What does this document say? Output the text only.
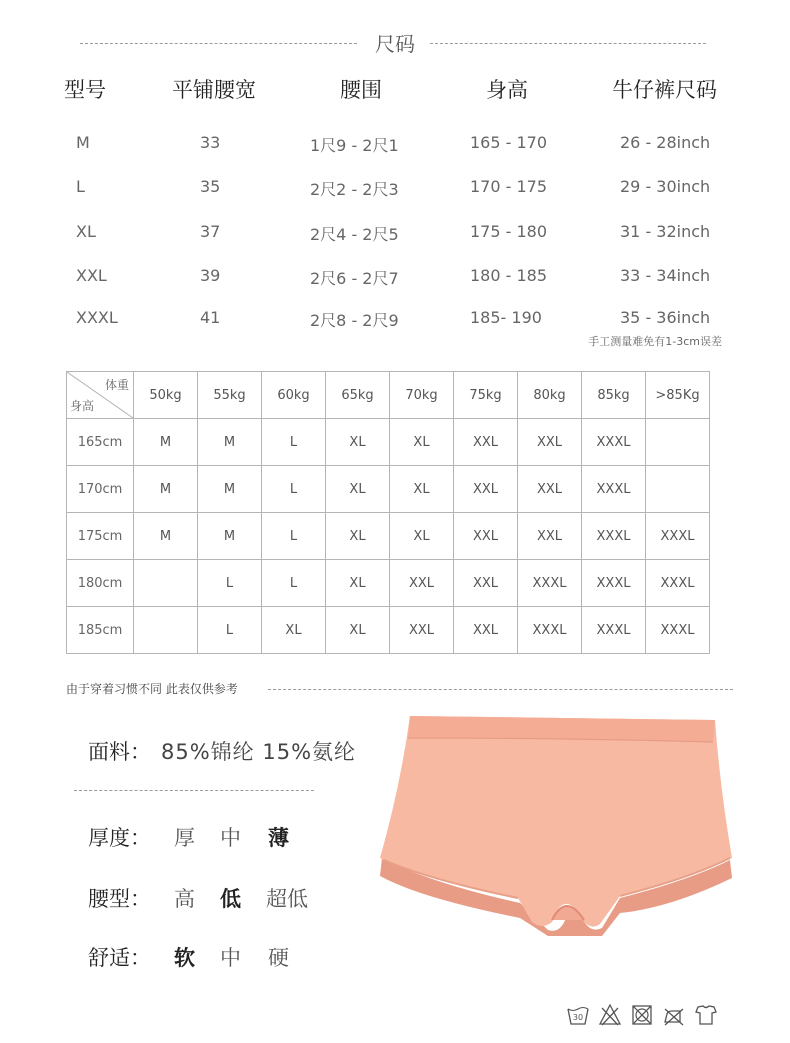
尺码
型号	平铺腰宽	腰围	身高	牛仔裤尺码
M	33	1尺9 - 2尺1	165 - 170	26 - 28inch
L	35	2尺2 - 2尺3	170 - 175	29 - 30inch
XL	37	2尺4 - 2尺5	175 - 180	31 - 32inch
XXL	39	2尺6 - 2尺7	180 - 185	33 - 34inch
XXXL	41	2尺8 - 2尺9	185- 190	35 - 36inch
手工测量难免有1-3cm误差
体重
身高	50kg	55kg	60kg	65kg	70kg	75kg	80kg	85kg	>85Kg
165cm	M	M	L	XL	XL	XXL	XXL	XXXL	
170cm	M	M	L	XL	XL	XXL	XXL	XXXL	
175cm	M	M	L	XL	XL	XXL	XXL	XXXL	XXXL
180cm		L	L	XL	XXL	XXL	XXXL	XXXL	XXXL
185cm		L	XL	XL	XXL	XXL	XXXL	XXXL	XXXL
由于穿着习惯不同 此表仅供参考
面料： 85%锦纶 15%氨纶
厚度： 厚 中 薄
腰型： 高 低 超低
舒适： 软 中 硬
30
